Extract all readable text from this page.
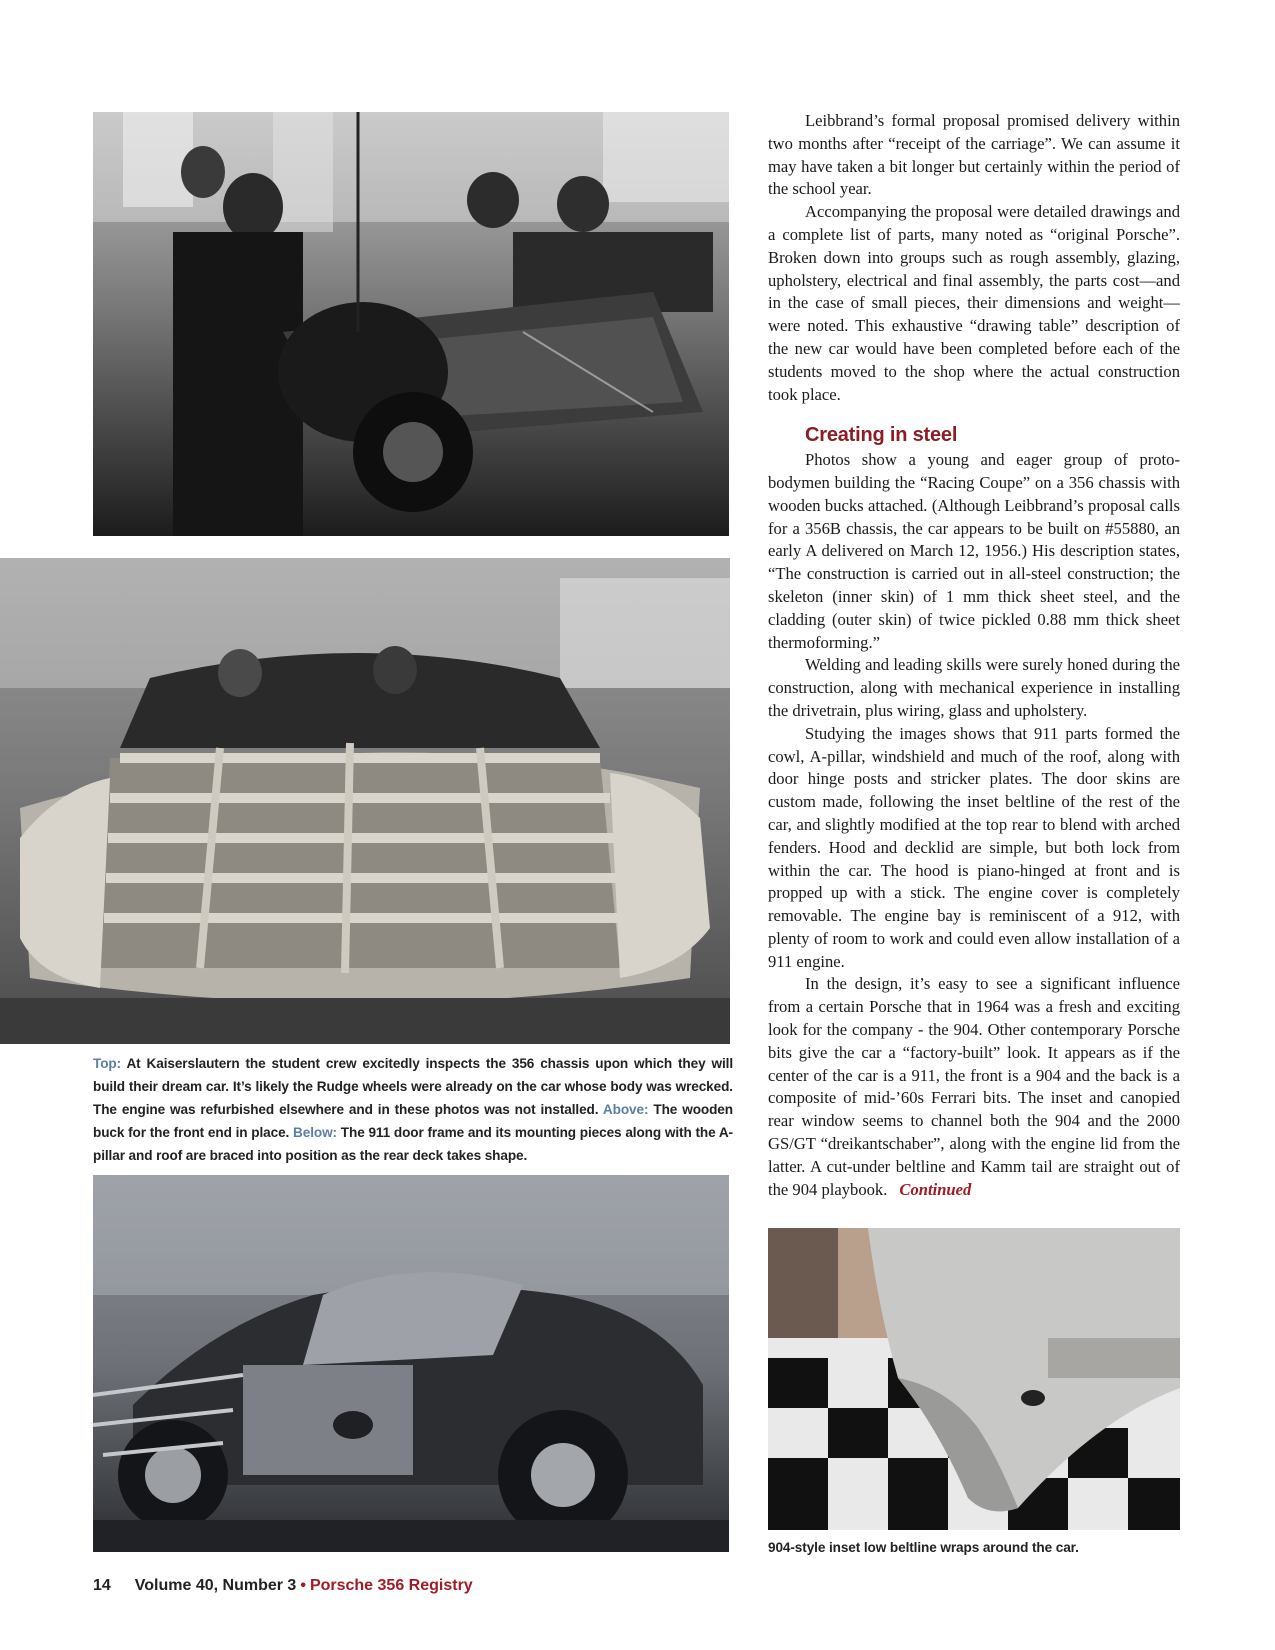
Top: At Kaiserslautern the student crew excitedly inspects the 356 chassis upon which they will build their dream car. It’s likely the Rudge wheels were already on the car whose body was wrecked. The engine was refurbished elsewhere and in these photos was not installed. Above: The wooden buck for the front end in place. Below: The 911 door frame and its mounting pieces along with the A-pillar and roof are braced into position as the rear deck takes shape.
904-style inset low beltline wraps around the car.

Leibbrand’s formal proposal promised delivery within two months after “receipt of the carriage”. We can assume it may have taken a bit longer but certainly within the period of the school year.

Accompanying the proposal were detailed drawings and a complete list of parts, many noted as “original Porsche”. Broken down into groups such as rough assembly, glazing, upholstery, electrical and final assembly, the parts cost—and in the case of small pieces, their dimensions and weight—were noted. This exhaustive “drawing table” description of the new car would have been completed before each of the students moved to the shop where the actual construction took place.

Creating in steel

Photos show a young and eager group of proto-bodymen building the “Racing Coupe” on a 356 chassis with wooden bucks attached. (Although Leibbrand’s proposal calls for a 356B chassis, the car appears to be built on #55880, an early A delivered on March 12, 1956.) His description states, “The construction is carried out in all-steel construction; the skeleton (inner skin) of 1 mm thick sheet steel, and the cladding (outer skin) of twice pickled 0.88 mm thick sheet thermoforming.”

Welding and leading skills were surely honed during the construction, along with mechanical experience in installing the drivetrain, plus wiring, glass and upholstery.

Studying the images shows that 911 parts formed the cowl, A-pillar, windshield and much of the roof, along with door hinge posts and stricker plates. The door skins are custom made, following the inset beltline of the rest of the car, and slightly modified at the top rear to blend with arched fenders. Hood and decklid are simple, but both lock from within the car. The hood is piano-hinged at front and is propped up with a stick. The engine cover is completely removable. The engine bay is reminiscent of a 912, with plenty of room to work and could even allow installation of a 911 engine.

In the design, it’s easy to see a significant influence from a certain Porsche that in 1964 was a fresh and exciting look for the company - the 904. Other contemporary Porsche bits give the car a “factory-built” look. It appears as if the center of the car is a 911, the front is a 904 and the back is a composite of mid-’60s Ferrari bits. The inset and canopied rear window seems to channel both the 904 and the 2000 GS/GT “dreikantschaber”, along with the engine lid from the latter. A cut-under beltline and Kamm tail are straight out of the 904 playbook. Continued

14 Volume 40, Number 3 • Porsche 356 Registry
